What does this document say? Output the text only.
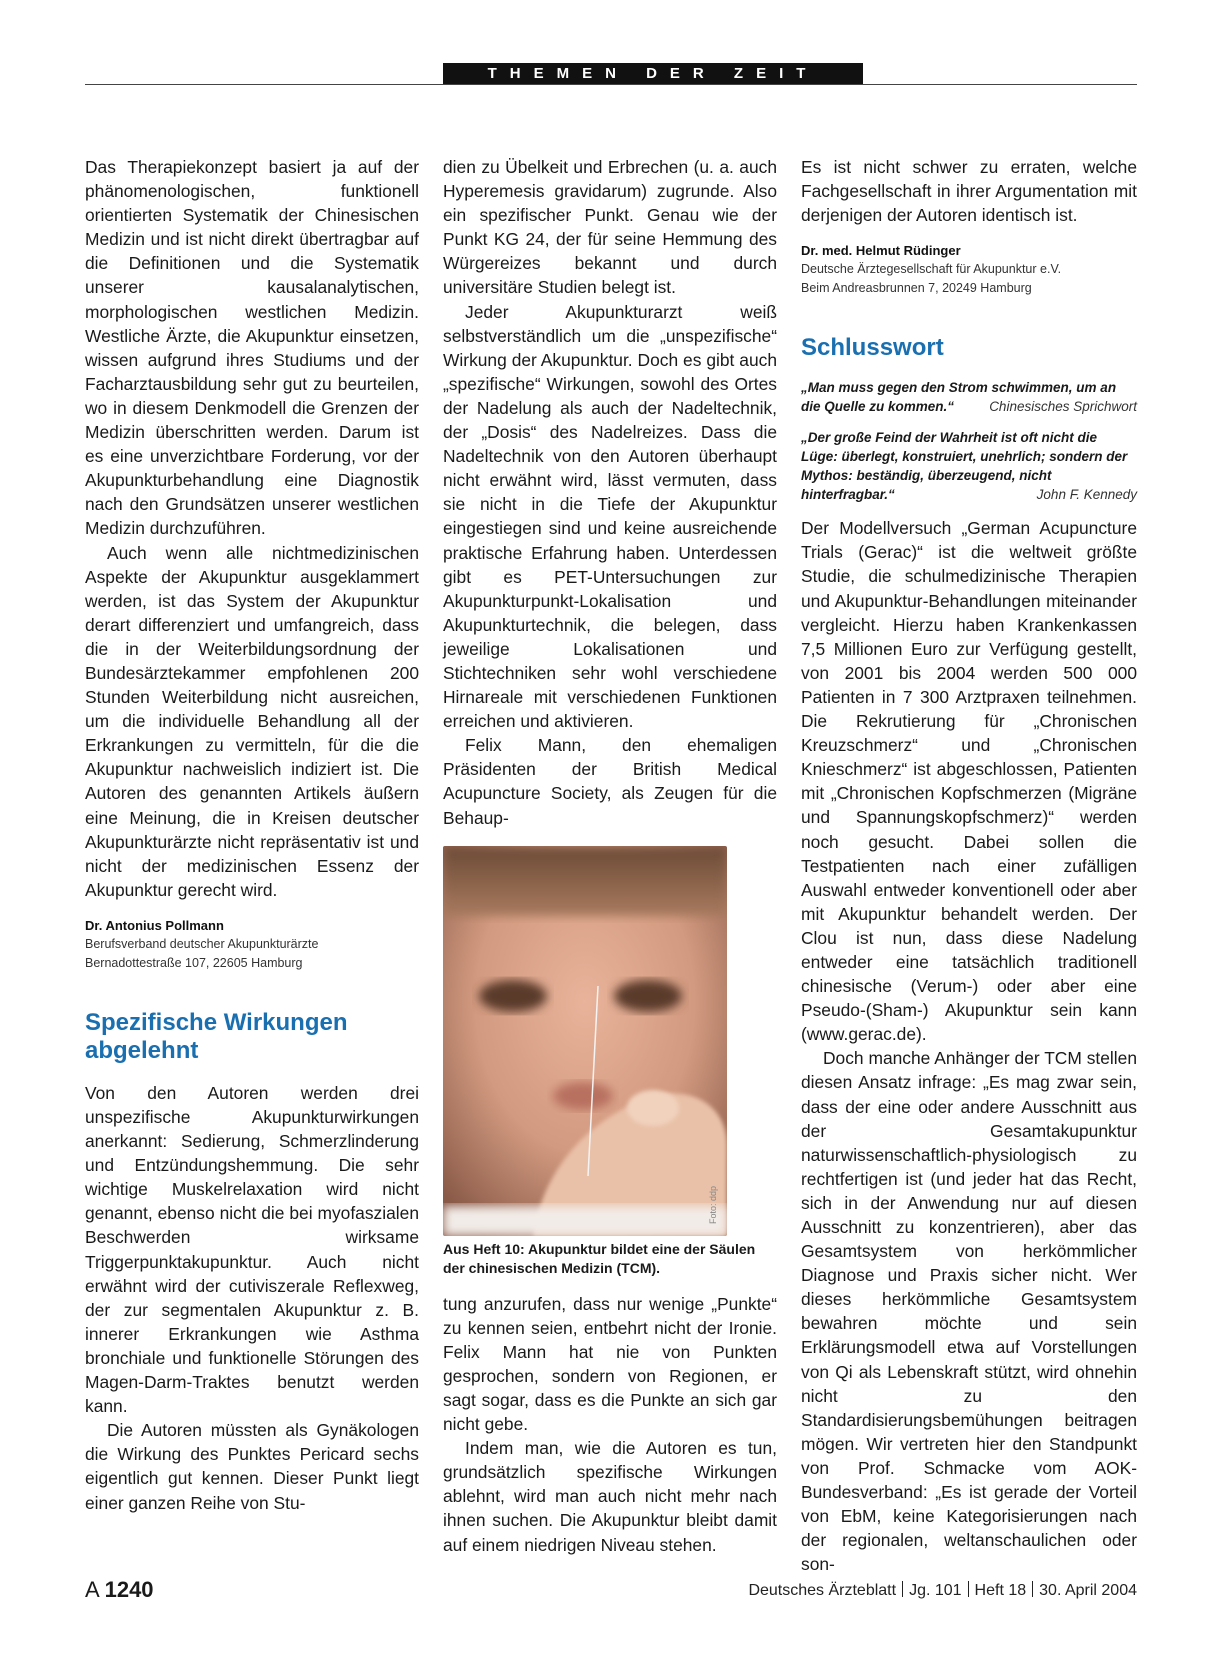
THEMEN DER ZEIT

Das Therapiekonzept basiert ja auf der phänomenologischen, funktionell orientierten Systematik der Chinesischen Medizin und ist nicht direkt übertragbar auf die Definitionen und die Systematik unserer kausalanalytischen, morphologischen westlichen Medizin. Westliche Ärzte, die Akupunktur einsetzen, wissen aufgrund ihres Studiums und der Facharztausbildung sehr gut zu beurteilen, wo in diesem Denkmodell die Grenzen der Medizin überschritten werden. Darum ist es eine unverzichtbare Forderung, vor der Akupunkturbehandlung eine Diagnostik nach den Grundsätzen unserer westlichen Medizin durchzuführen.

Auch wenn alle nichtmedizinischen Aspekte der Akupunktur ausgeklammert werden, ist das System der Akupunktur derart differenziert und umfangreich, dass die in der Weiterbildungsordnung der Bundesärztekammer empfohlenen 200 Stunden Weiterbildung nicht ausreichen, um die individuelle Behandlung all der Erkrankungen zu vermitteln, für die die Akupunktur nachweislich indiziert ist. Die Autoren des genannten Artikels äußern eine Meinung, die in Kreisen deutscher Akupunkturärzte nicht repräsentativ ist und nicht der medizinischen Essenz der Akupunktur gerecht wird.

Dr. Antonius Pollmann
Berufsverband deutscher Akupunkturärzte
Bernadottestraße 107, 22605 Hamburg
Spezifische Wirkungen abgelehnt

Von den Autoren werden drei unspezifische Akupunkturwirkungen anerkannt: Sedierung, Schmerzlinderung und Entzündungshemmung. Die sehr wichtige Muskelrelaxation wird nicht genannt, ebenso nicht die bei myofaszialen Beschwerden wirksame Triggerpunktakupunktur. Auch nicht erwähnt wird der cutiviszerale Reflexweg, der zur segmentalen Akupunktur z. B. innerer Erkrankungen wie Asthma bronchiale und funktionelle Störungen des Magen-Darm-Traktes benutzt werden kann.

Die Autoren müssten als Gynäkologen die Wirkung des Punktes Pericard sechs eigentlich gut kennen. Dieser Punkt liegt einer ganzen Reihe von Stu-

dien zu Übelkeit und Erbrechen (u. a. auch Hyperemesis gravidarum) zugrunde. Also ein spezifischer Punkt. Genau wie der Punkt KG 24, der für seine Hemmung des Würgereizes bekannt und durch universitäre Studien belegt ist.

Jeder Akupunkturarzt weiß selbstverständlich um die „unspezifische“ Wirkung der Akupunktur. Doch es gibt auch „spezifische“ Wirkungen, sowohl des Ortes der Nadelung als auch der Nadeltechnik, der „Dosis“ des Nadelreizes. Dass die Nadeltechnik von den Autoren überhaupt nicht erwähnt wird, lässt vermuten, dass sie nicht in die Tiefe der Akupunktur eingestiegen sind und keine ausreichende praktische Erfahrung haben. Unterdessen gibt es PET-Untersuchungen zur Akupunkturpunkt-Lokalisation und Akupunkturtechnik, die belegen, dass jeweilige Lokalisationen und Stichtechniken sehr wohl verschiedene Hirnareale mit verschiedenen Funktionen erreichen und aktivieren.

Felix Mann, den ehemaligen Präsidenten der British Medical Acupuncture Society, als Zeugen für die Behaup-

Foto: ddp
Aus Heft 10: Akupunktur bildet eine der Säulen der chinesischen Medizin (TCM).

tung anzurufen, dass nur wenige „Punkte“ zu kennen seien, entbehrt nicht der Ironie. Felix Mann hat nie von Punkten gesprochen, sondern von Regionen, er sagt sogar, dass es die Punkte an sich gar nicht gebe.

Indem man, wie die Autoren es tun, grundsätzlich spezifische Wirkungen ablehnt, wird man auch nicht mehr nach ihnen suchen. Die Akupunktur bleibt damit auf einem niedrigen Niveau stehen.

Es ist nicht schwer zu erraten, welche Fachgesellschaft in ihrer Argumentation mit derjenigen der Autoren identisch ist.

Dr. med. Helmut Rüdinger
Deutsche Ärztegesellschaft für Akupunktur e.V.
Beim Andreasbrunnen 7, 20249 Hamburg
Schlusswort
„Man muss gegen den Strom schwimmen, um an die Quelle zu kommen.“	Chinesisches Sprichwort
„Der große Feind der Wahrheit ist oft nicht die Lüge: überlegt, konstruiert, unehrlich; sondern der Mythos: beständig, überzeugend, nicht hinterfragbar.“	John F. Kennedy

Der Modellversuch „German Acupuncture Trials (Gerac)“ ist die weltweit größte Studie, die schulmedizinische Therapien und Akupunktur-Behandlungen miteinander vergleicht. Hierzu haben Krankenkassen 7,5 Millionen Euro zur Verfügung gestellt, von 2001 bis 2004 werden 500 000 Patienten in 7 300 Arztpraxen teilnehmen. Die Rekrutierung für „Chronischen Kreuzschmerz“ und „Chronischen Knieschmerz“ ist abgeschlossen, Patienten mit „Chronischen Kopfschmerzen (Migräne und Spannungskopfschmerz)“ werden noch gesucht. Dabei sollen die Testpatienten nach einer zufälligen Auswahl entweder konventionell oder aber mit Akupunktur behandelt werden. Der Clou ist nun, dass diese Nadelung entweder eine tatsächlich traditionell chinesische (Verum-) oder aber eine Pseudo-(Sham-) Akupunktur sein kann (www.gerac.de).

Doch manche Anhänger der TCM stellen diesen Ansatz infrage: „Es mag zwar sein, dass der eine oder andere Ausschnitt aus der Gesamtakupunktur naturwissenschaftlich-physiologisch zu rechtfertigen ist (und jeder hat das Recht, sich in der Anwendung nur auf diesen Ausschnitt zu konzentrieren), aber das Gesamtsystem von herkömmlicher Diagnose und Praxis sicher nicht. Wer dieses herkömmliche Gesamtsystem bewahren möchte und sein Erklärungsmodell etwa auf Vorstellungen von Qi als Lebenskraft stützt, wird ohnehin nicht zu den Standardisierungsbemühungen beitragen mögen. Wir vertreten hier den Standpunkt von Prof. Schmacke vom AOK-Bundesverband: „Es ist gerade der Vorteil von EbM, keine Kategorisierungen nach der regionalen, weltanschaulichen oder son-

A 1240	Deutsches Ärzteblatt Jg. 101 Heft 18 30. April 2004
